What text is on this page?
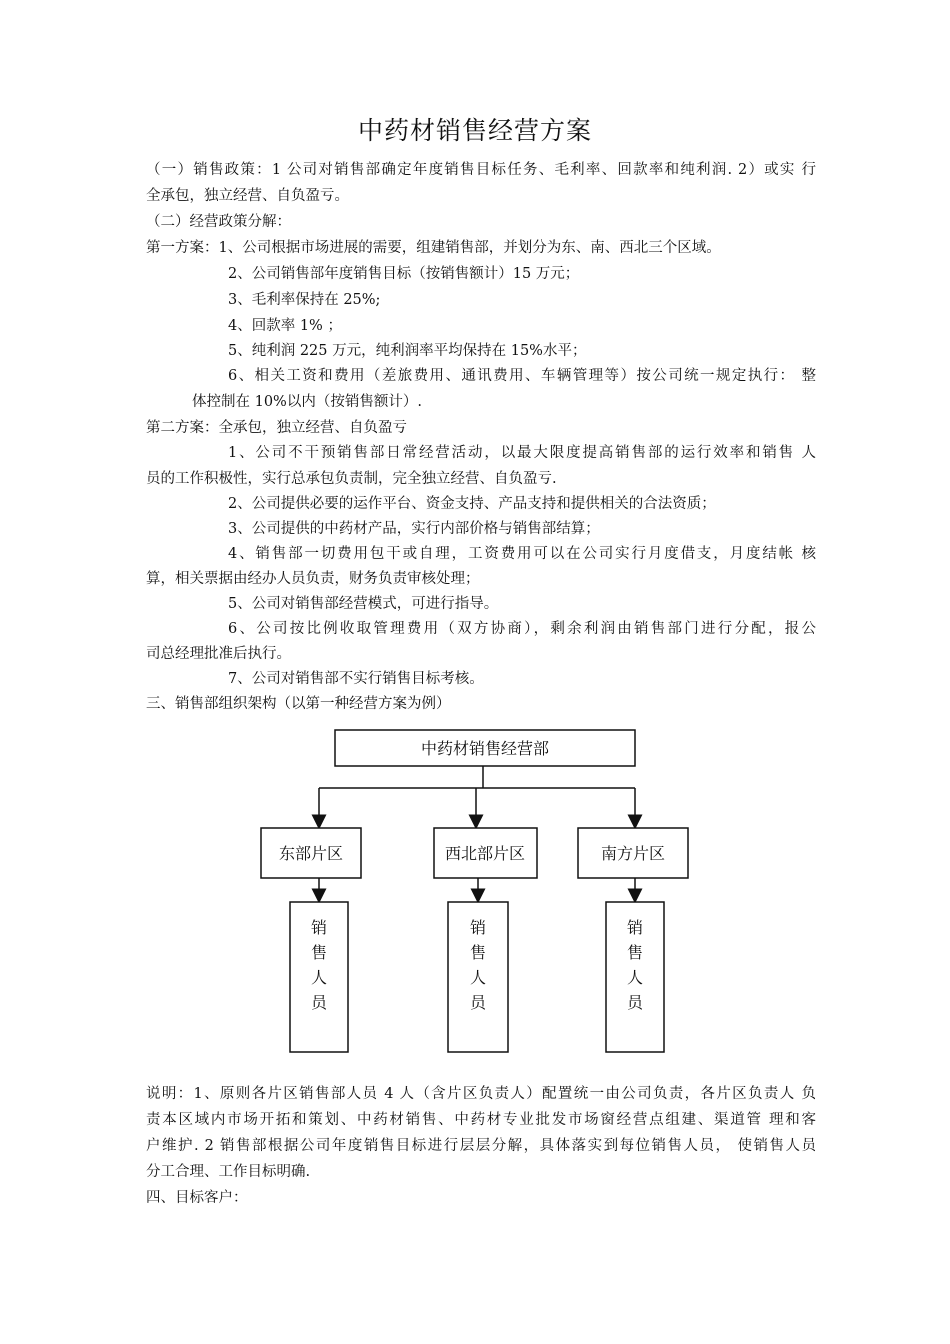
中药材销售经营方案
（一）销售政策：1 公司对销售部确定年度销售目标任务、毛利率、回款率和纯利润. 2）或实 行
全承包，独立经营、自负盈亏。
（二）经营政策分解：
第一方案：1、公司根据市场进展的需要，组建销售部，并划分为东、南、西北三个区域。
2、公司销售部年度销售目标（按销售额计）15 万元；
3、毛利率保持在 25%;
4、回款率 1% ；
5、纯利润 225 万元，纯利润率平均保持在 15%水平；
6、相关工资和费用（差旅费用、通讯费用、车辆管理等）按公司统一规定执行： 整
体控制在 10%以内（按销售额计）.
第二方案：全承包，独立经营、自负盈亏
1、公司不干预销售部日常经营活动，以最大限度提高销售部的运行效率和销售 人
员的工作积极性，实行总承包负责制，完全独立经营、自负盈亏.
2、公司提供必要的运作平台、资金支持、产品支持和提供相关的合法资质；
3、公司提供的中药材产品，实行内部价格与销售部结算；
4、销售部一切费用包干或自理，工资费用可以在公司实行月度借支，月度结帐 核
算，相关票据由经办人员负责，财务负责审核处理；
5、公司对销售部经营模式，可进行指导。
6、公司按比例收取管理费用（双方协商），剩余利润由销售部门进行分配，报公
司总经理批准后执行。
7、公司对销售部不实行销售目标考核。
三、销售部组织架构（以第一种经营方案为例）
中药材销售经营部
东部片区	西北部片区	南方片区
销
售
人
员
销
售
人
员
销
售
人
员
说明：1、原则各片区销售部人员 4 人（含片区负责人）配置统一由公司负责，各片区负责人 负
责本区域内市场开拓和策划、中药材销售、中药材专业批发市场窗经营点组建、渠道管 理和客
户维护. 2 销售部根据公司年度销售目标进行层层分解，具体落实到每位销售人员， 使销售人员
分工合理、工作目标明确.
四、目标客户：
